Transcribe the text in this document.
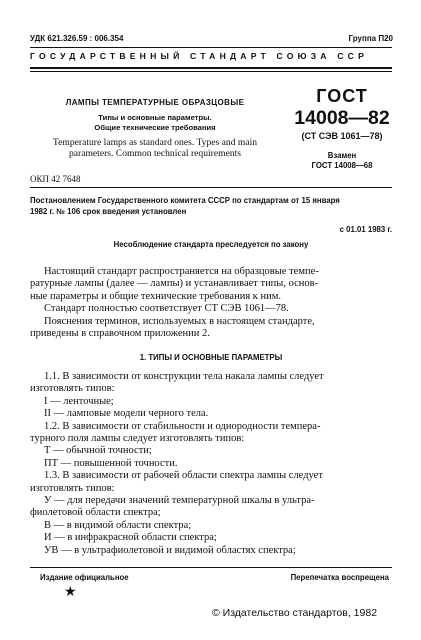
УДК 621.326.59 : 006.354	Группа П20
ГОСУДАРСТВЕННЫЙ СТАНДАРТ СОЮЗА ССР
ЛАМПЫ ТЕМПЕРАТУРНЫЕ ОБРАЗЦОВЫЕ
Типы и основные параметры.
Общие технические требования
Temperature lamps as standard ones. Types and main
parameters. Common technical requirements
ГОСТ
14008—82
(СТ СЭВ 1061—78)
Взамен
ГОСТ 14008—68
ОКП 42 7648
Постановлением Государственного комитета СССР по стандартам от 15 января
1982 г. № 106 срок введения установлен
с 01.01 1983 г.
Несоблюдение стандарта преследуется по закону

Настоящий стандарт распространяется на образцовые темпе-

ратурные лампы (далее — лампы) и устанавливает типы, основ-

ные параметры и общие технические требования к ним.

Стандарт полностью соответствует СТ СЭВ 1061—78.

Пояснения терминов, используемых в настоящем стандарте,

приведены в справочном приложении 2.

1. ТИПЫ И ОСНОВНЫЕ ПАРАМЕТРЫ

1.1. В зависимости от конструкции тела накала лампы следует

изготовлять типов:

I — ленточные;

II — ламповые модели черного тела.

1.2. В зависимости от стабильности и однородности темпера-

турного поля лампы следует изготовлять типов:

Т — обычной точности;

ПТ — повышенной точности.

1.3. В зависимости от рабочей области спектра лампы следует

изготовлять типов:

У — для передачи значений температурной шкалы в ультра-

фиолетовой области спектра;

В — в видимой области спектра;

И — в инфракрасной области спектра;

УВ — в ультрафиолетовой и видимой областях спектра;

Издание официальное	Перепечатка воспрещена
★
© Издательство стандартов, 1982
